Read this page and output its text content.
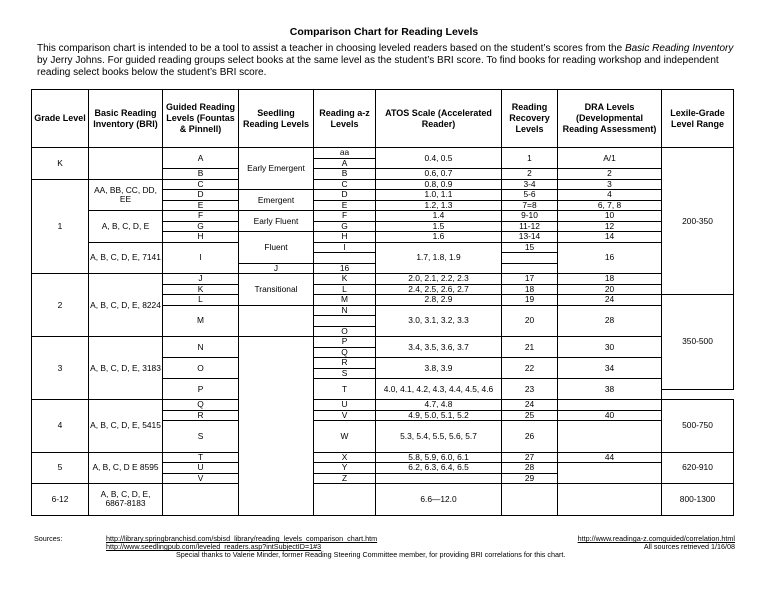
Comparison Chart for Reading Levels
This comparison chart is intended to be a tool to assist a teacher in choosing leveled readers based on the student’s scores from the Basic Reading Inventory by Jerry Johns. For guided reading groups select books at the same level as the student’s BRI score. To find books for reading workshop and independent reading select books below the student’s BRI score.
Grade Level	Basic Reading Inventory (BRI)	Guided Reading Levels (Fountas & Pinnell)	Seedling Reading Levels	Reading a-z Levels	ATOS Scale (Accelerated Reader)	Reading Recovery Levels	DRA Levels (Developmental Reading Assessment)	Lexile-Grade Level Range
K		A	Early Emergent	aa	0.4, 0.5	1	A/1	200-350
				A				
		B		B	0.6, 0.7	2	2	
1	AA, BB, CC, DD, EE	C		C	0.8, 0.9	3-4	3	
		D	Emergent	D	1.0, 1.1	5-6	4	
		E		E	1.2, 1.3	7=8	6, 7, 8	
	A, B, C, D, E	F	Early Fluent	F	1.4	9-10	10	
		G		G	1.5	11-12	12	
		H	Fluent	H	1.6	13-14	14	
	A, B, C, D, E, 7141	I		I	1.7, 1.8, 1.9	15	16	

			J	16				
2	A, B, C, D, E, 8224	J	Transitional	K	2.0, 2.1, 2.2, 2.3	17	18	
		K		L	2.4, 2.5, 2.6, 2.7	18	20	
		L		M	2.8, 2.9	19	24	350-500
		M		N	3.0, 3.1, 3.2, 3.3	20	28	

				O				
3	A, B, C, D, E, 3183	N		P	3.4, 3.5, 3.6, 3.7	21	30	
				Q				
		O		R	3.8, 3.9	22	34	
				S				
		P		T	4.0, 4.1, 4.2, 4.3, 4.4, 4.5, 4.6	23	38	

4	A, B, C, D, E, 5415	Q		U	4.7, 4.8	24		500-750
		R		V	4.9, 5.0, 5.1, 5.2	25	40	
		S		W	5.3, 5.4, 5.5, 5.6, 5.7	26		

5	A, B, C, D E 8595	T		X	5.8, 5.9, 6.0, 6.1	27	44	620-910
		U		Y	6.2, 6.3, 6.4, 6.5	28		
		V		Z		29		
6-12	A, B, C, D, E, 6867-8183				6.6—12.0			800-1300

Sources:	http://library.springbranchisd.com/sbisd_library/reading_levels_comparison_chart.htm
http://www.seedlingpub.com/leveled_readers.asp?intSubjectID=1#3
http://www.readinga-z.comguided/correlation.html
All sources retrieved 1/16/08
Special thanks to Valerie Minder, former Reading Steering Committee member, for providing BRI correlations for this chart.
